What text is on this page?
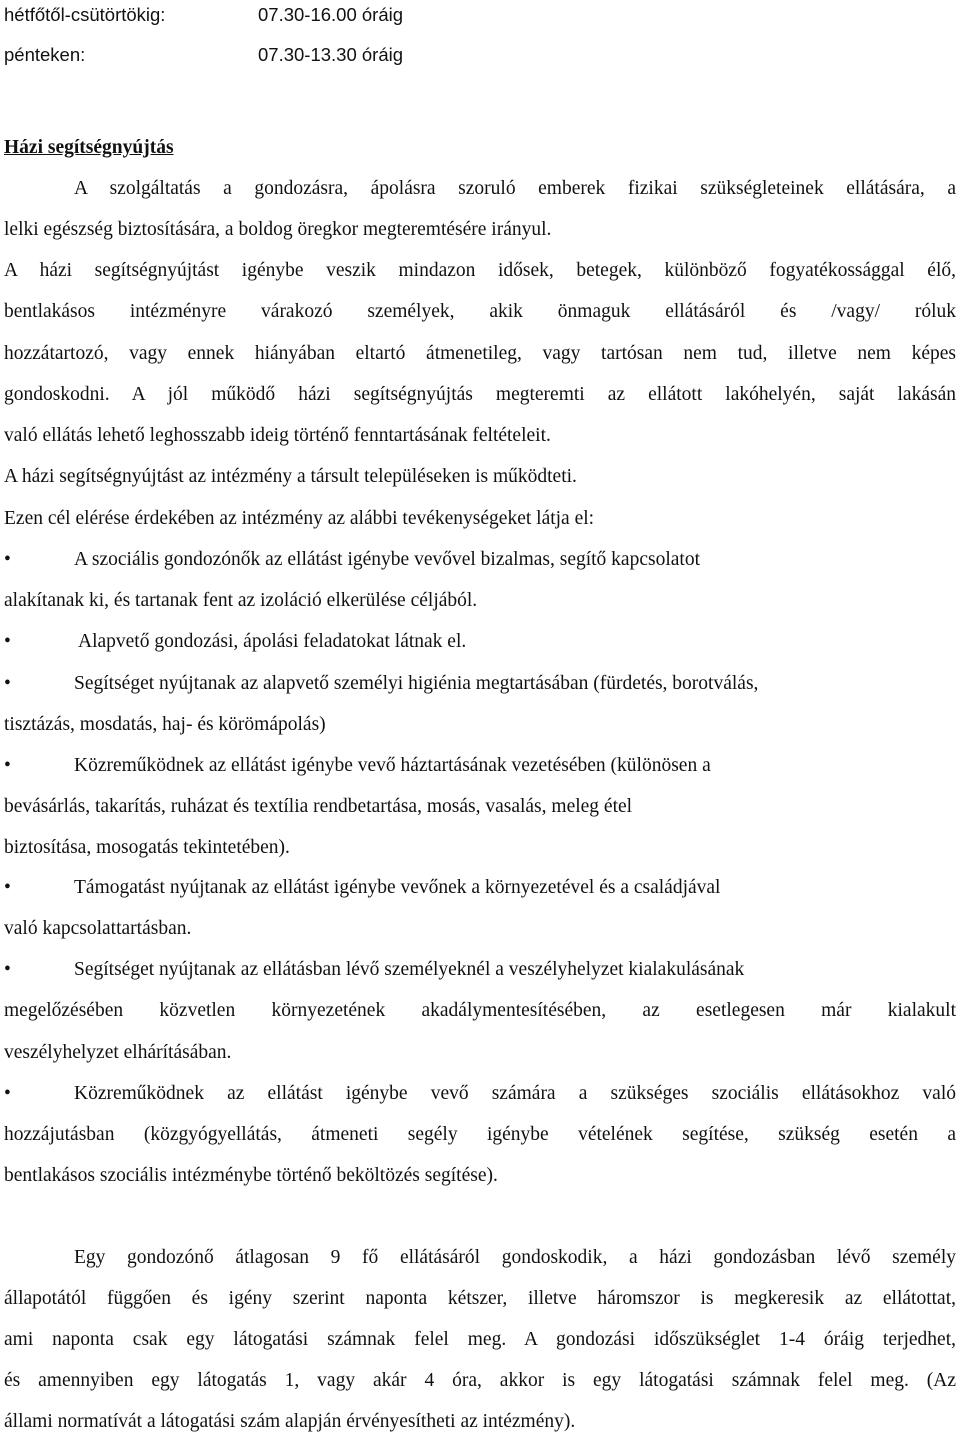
hétfőtől-csütörtökig:	07.30-16.00 óráig
pénteken:	07.30-13.30 óráig
Házi segítségnyújtás
A szolgáltatás a gondozásra, ápolásra szoruló emberek fizikai szükségleteinek ellátására, a
lelki egészség biztosítására, a boldog öregkor megteremtésére irányul.
A házi segítségnyújtást igénybe veszik mindazon idősek, betegek, különböző fogyatékossággal élő,
bentlakásos intézményre várakozó személyek, akik önmaguk ellátásáról és /vagy/ róluk
hozzátartozó, vagy ennek hiányában eltartó átmenetileg, vagy tartósan nem tud, illetve nem képes
gondoskodni. A jól működő házi segítségnyújtás megteremti az ellátott lakóhelyén, saját lakásán
való ellátás lehető leghosszabb ideig történő fenntartásának feltételeit.
A házi segítségnyújtást az intézmény a társult településeken is működteti.
Ezen cél elérése érdekében az intézmény az alábbi tevékenységeket látja el:
•	A szociális gondozónők az ellátást igénybe vevővel bizalmas, segítő kapcsolatot
alakítanak ki, és tartanak fent az izoláció elkerülése céljából.
•	Alapvető gondozási, ápolási feladatokat látnak el.
•	Segítséget nyújtanak az alapvető személyi higiénia megtartásában (fürdetés, borotválás,
tisztázás, mosdatás, haj- és körömápolás)
•	Közreműködnek az ellátást igénybe vevő háztartásának vezetésében (különösen a
bevásárlás, takarítás, ruházat és textília rendbetartása, mosás, vasalás, meleg étel
biztosítása, mosogatás tekintetében).
•	Támogatást nyújtanak az ellátást igénybe vevőnek a környezetével és a családjával
való kapcsolattartásban.
•	Segítséget nyújtanak az ellátásban lévő személyeknél a veszélyhelyzet kialakulásának
megelőzésében közvetlen környezetének akadálymentesítésében, az esetlegesen már kialakult
veszélyhelyzet elhárításában.
•	Közreműködnek az ellátást igénybe vevő számára a szükséges szociális ellátásokhoz való
hozzájutásban (közgyógyellátás, átmeneti segély igénybe vételének segítése, szükség esetén a
bentlakásos szociális intézménybe történő beköltözés segítése).
Egy gondozónő átlagosan 9 fő ellátásáról gondoskodik, a házi gondozásban lévő személy
állapotától függően és igény szerint naponta kétszer, illetve háromszor is megkeresik az ellátottat,
ami naponta csak egy látogatási számnak felel meg. A gondozási időszükséglet 1-4 óráig terjedhet,
és amennyiben egy látogatás 1, vagy akár 4 óra, akkor is egy látogatási számnak felel meg. (Az
állami normatívát a látogatási szám alapján érvényesítheti az intézmény).
